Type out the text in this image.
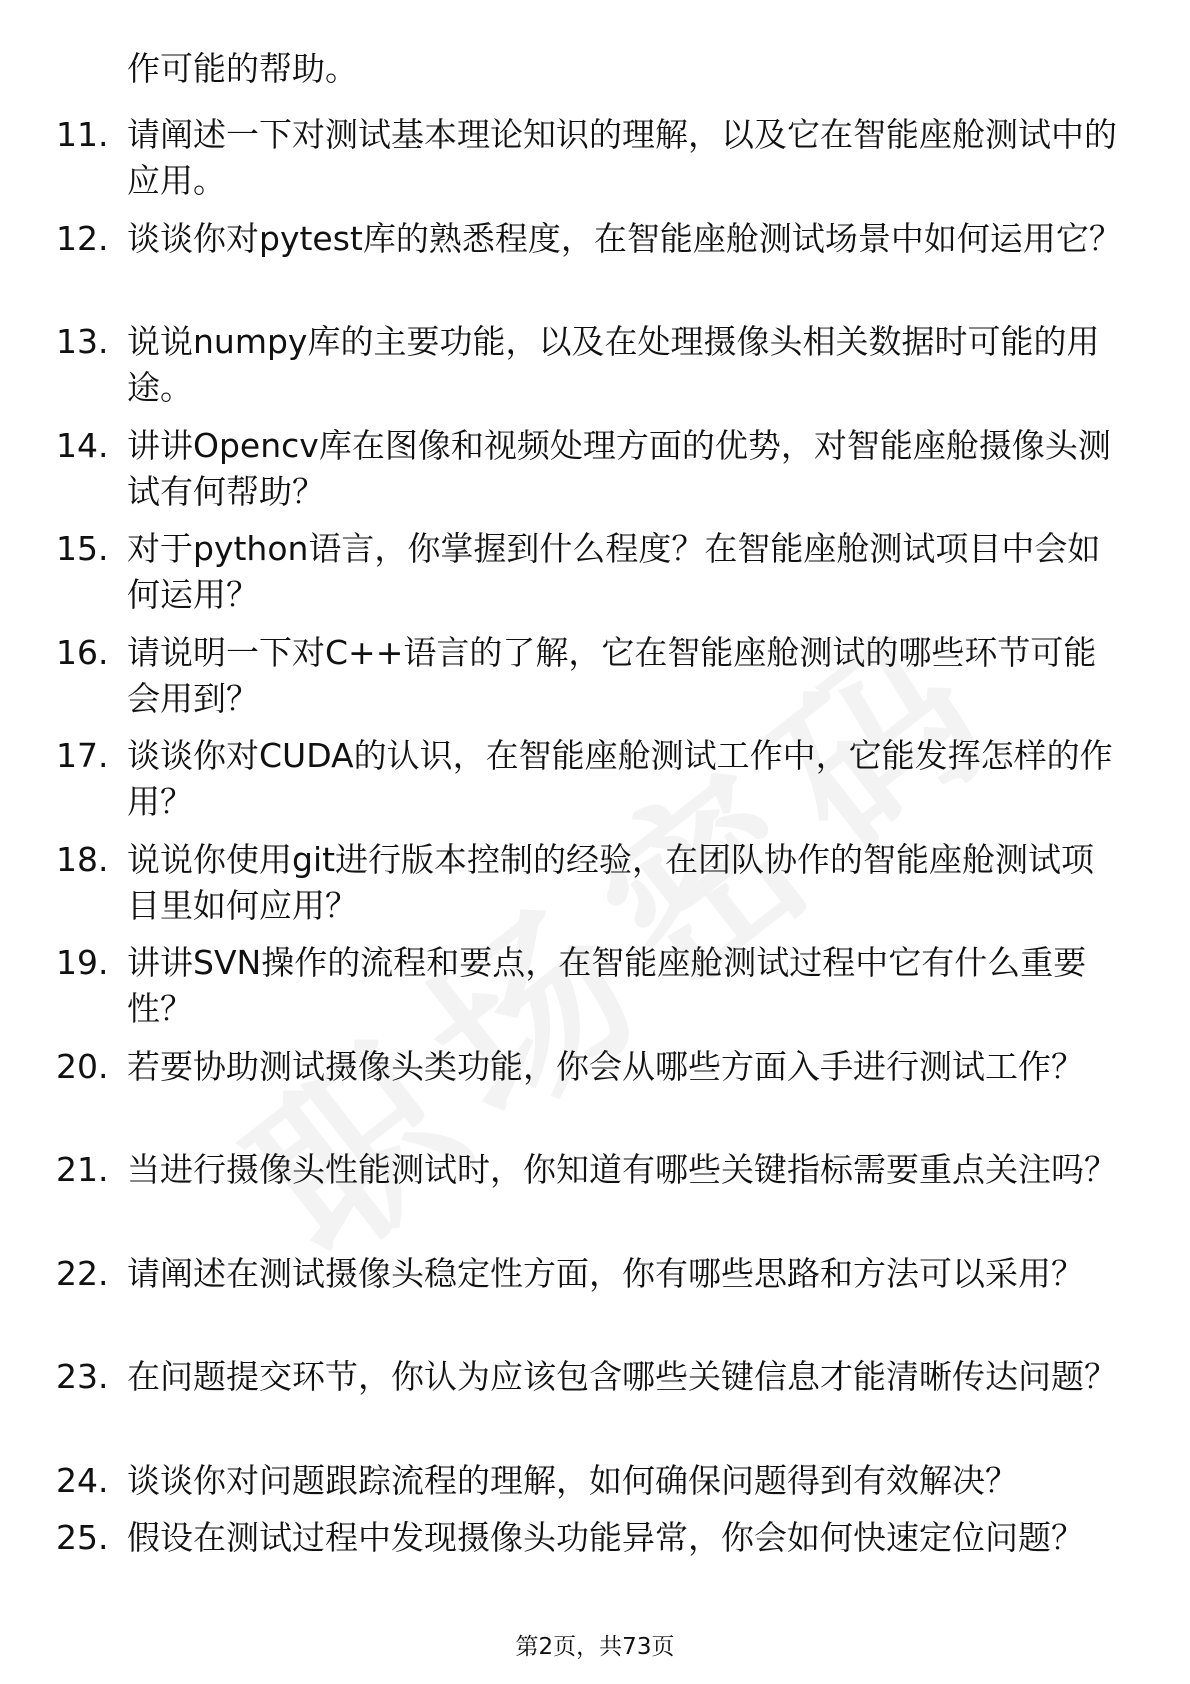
作可能的帮助。
11. 请阐述一下对测试基本理论知识的理解，以及它在智能座舱测试中的应用。
12. 谈谈你对pytest库的熟悉程度，在智能座舱测试场景中如何运用它？
13. 说说numpy库的主要功能，以及在处理摄像头相关数据时可能的用途。
14. 讲讲Opencv库在图像和视频处理方面的优势，对智能座舱摄像头测试有何帮助？
15. 对于python语言，你掌握到什么程度？在智能座舱测试项目中会如何运用？
16. 请说明一下对C++语言的了解，它在智能座舱测试的哪些环节可能会用到？
17. 谈谈你对CUDA的认识，在智能座舱测试工作中，它能发挥怎样的作用？
18. 说说你使用git进行版本控制的经验，在团队协作的智能座舱测试项目里如何应用？
19. 讲讲SVN操作的流程和要点，在智能座舱测试过程中它有什么重要性？
20. 若要协助测试摄像头类功能，你会从哪些方面入手进行测试工作？
21. 当进行摄像头性能测试时，你知道有哪些关键指标需要重点关注吗？
22. 请阐述在测试摄像头稳定性方面，你有哪些思路和方法可以采用？
23. 在问题提交环节，你认为应该包含哪些关键信息才能清晰传达问题？
24. 谈谈你对问题跟踪流程的理解，如何确保问题得到有效解决？
25. 假设在测试过程中发现摄像头功能异常，你会如何快速定位问题？
第2页，共73页
